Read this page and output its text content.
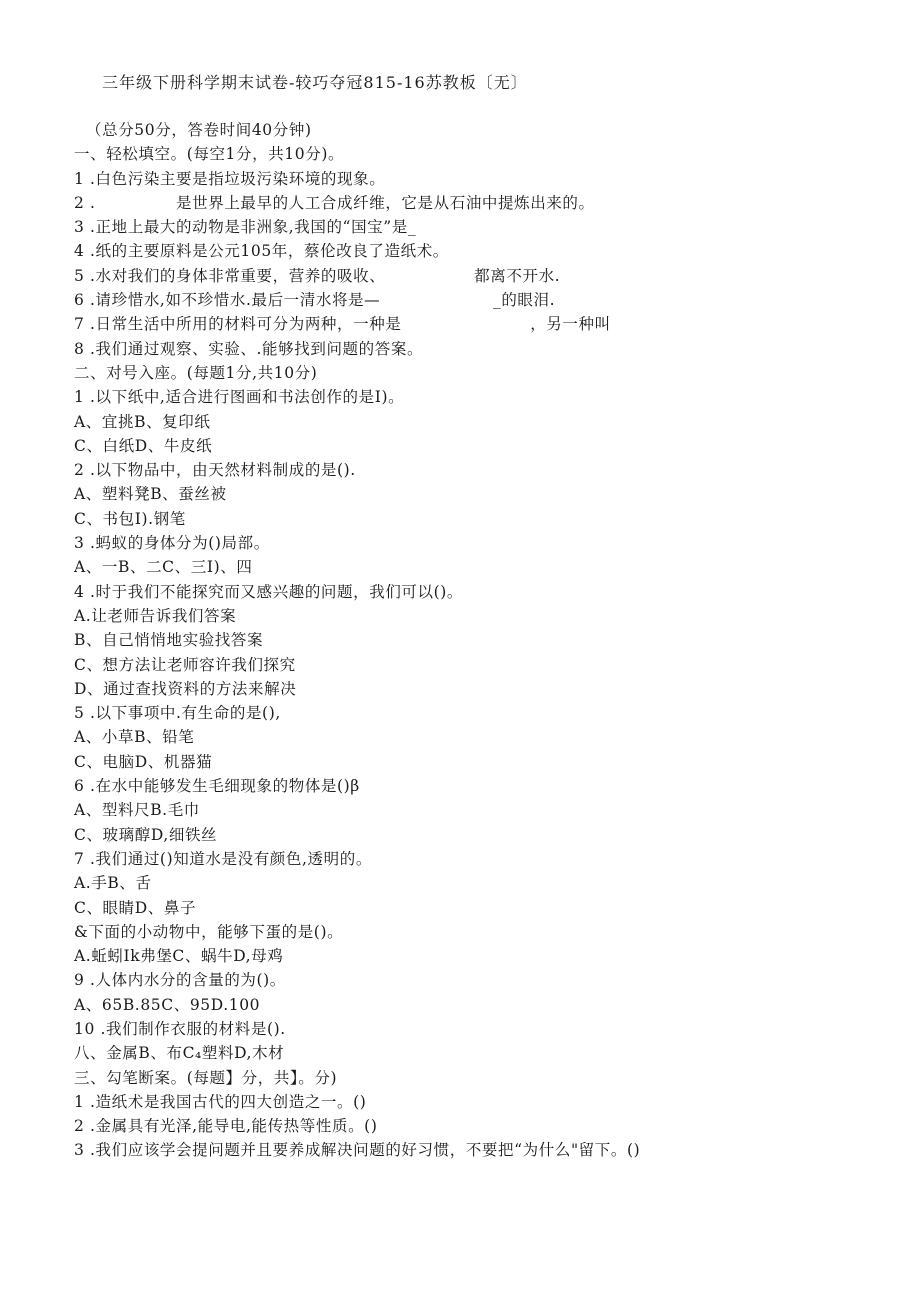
三年级下册科学期末试卷-较巧夺冠815-16苏教板〔无〕
（总分50分，答卷时间40分钟)
一、轻松填空。(每空1分，共10分)。
1 .白色污染主要是指垃圾污染环境的现象。
2 .　　　　　是世界上最早的人工合成纤维，它是从石油中提炼出来的。
3 .正地上最大的动物是非洲象,我国的“国宝”是_
4 .纸的主要原料是公元105年，蔡伦改良了造纸术。
5 .水对我们的身体非常重要，营养的吸收、　　　　　　都离不开水.
6 .请珍惜水,如不珍惜水.最后一清水将是—　　　　　　　_的眼泪.
7 .日常生活中所用的材料可分为两种，一种是　　　　　　　　，另一种叫
8 .我们通过观察、实验、.能够找到问题的答案。
二、对号入座。(每题1分,共10分)
1 .以下纸中,适合进行图画和书法创作的是I)。
A、宜挑B、复印纸
C、白纸D、牛皮纸
2 .以下物品中，由天然材料制成的是().
A、塑料凳B、蚕丝被
C、书包I).钢笔
3 .蚂蚁的身体分为()局部。
A、一B、二C、三I)、四
4 .时于我们不能探究而又感兴趣的问题，我们可以()。
A.让老师告诉我们答案
B、自己悄悄地实验找答案
C、想方法让老师容许我们探究
D、通过查找资料的方法来解决
5 .以下事项中.有生命的是(),
A、小草B、铅笔
C、电脑D、机器猫
6 .在水中能够发生毛细现象的物体是()β
A、型料尺B.毛巾
C、玻璃醇D,细铁丝
7 .我们通过()知道水是没有颜色,透明的。
A.手B、舌
C、眼睛D、鼻子
&下面的小动物中，能够下蛋的是()。
A.蚯蚓Ik弗堡C、蜗牛D,母鸡
9 .人体内水分的含量的为()。
A、65B.85C、95D.100
10 .我们制作衣服的材料是().
八、金属B、布C₄塑料D,木材
三、勾笔断案。(每题】分，共】。分)
1 .造纸术是我国古代的四大创造之一。()
2 .金属具有光泽,能导电,能传热等性质。()
3 .我们应该学会提问题并且要养成解决问题的好习惯，不要把“为什么"留下。()
